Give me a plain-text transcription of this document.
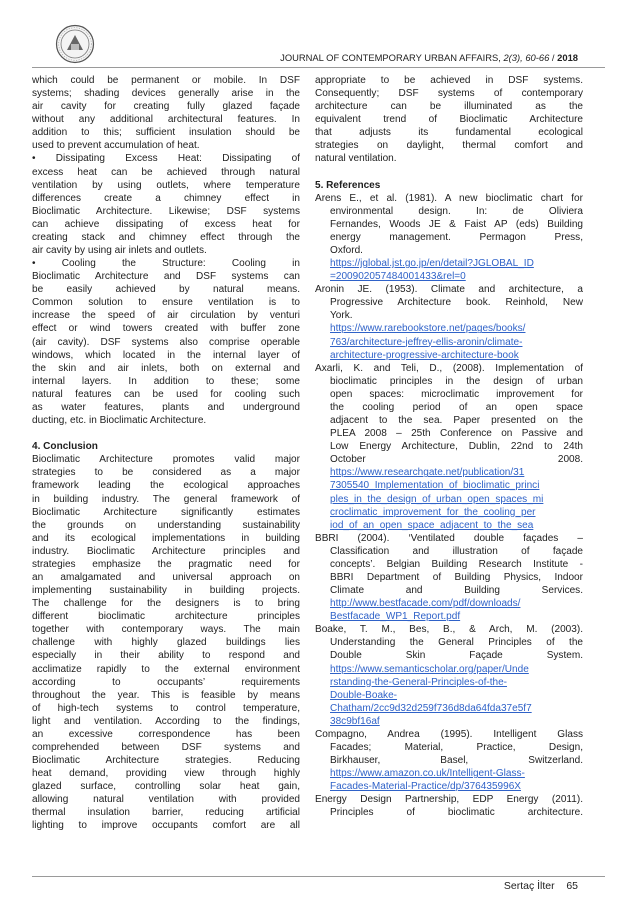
JOURNAL OF CONTEMPORARY URBAN AFFAIRS, 2(3), 60-66 / 2018
which could be permanent or mobile. In DSF
systems; shading devices generally arise in the
air cavity for creating fully glazed façade
without any additional architectural features. In
addition to this; sufficient insulation should be
used to prevent accumulation of heat.
• Dissipating Excess Heat: Dissipating of
excess heat can be achieved through natural
ventilation by using outlets, where temperature
differences create a chimney effect in
Bioclimatic Architecture. Likewise; DSF systems
can achieve dissipating of excess heat for
creating stack and chimney effect through the
air cavity by using air inlets and outlets.
• Cooling the Structure: Cooling in
Bioclimatic Architecture and DSF systems can
be easily achieved by natural means.
Common solution to ensure ventilation is to
increase the speed of air circulation by venturi
effect or wind towers created with buffer zone
(air cavity). DSF systems also comprise operable
windows, which located in the internal layer of
the skin and air inlets, both on external and
internal layers. In addition to these; some
natural features can be used for cooling such
as water features, plants and underground
ducting, etc. in Bioclimatic Architecture.
4. Conclusion
Bioclimatic Architecture promotes valid major
strategies to be considered as a major
framework leading the ecological approaches
in building industry. The general framework of
Bioclimatic Architecture significantly estimates
the grounds on understanding sustainability
and its ecological implementations in building
industry. Bioclimatic Architecture principles and
strategies emphasize the pragmatic need for
an amalgamated and universal approach on
implementing sustainability in building projects.
The challenge for the designers is to bring
different bioclimatic architecture principles
together with contemporary ways. The main
challenge with highly glazed buildings lies
especially in their ability to respond and
acclimatize rapidly to the external environment
according to occupants’ requirements
throughout the year. This is feasible by means
of high-tech systems to control temperature,
light and ventilation. According to the findings,
an excessive correspondence has been
comprehended between DSF systems and
Bioclimatic Architecture strategies. Reducing
heat demand, providing view through highly
glazed surface, controlling solar heat gain,
allowing natural ventilation with provided
thermal insulation barrier, reducing artificial
lighting to improve occupants comfort are all
appropriate to be achieved in DSF systems.
Consequently; DSF systems of contemporary
architecture can be illuminated as the
equivalent trend of Bioclimatic Architecture
that adjusts its fundamental ecological
strategies on daylight, thermal comfort and
natural ventilation.
5. References
Arens E., et al. (1981). A new bioclimatic chart for
environmental design. In: de Oliviera
Fernandes, Woods JE & Faist AP (eds) Building
energy management. Permagon Press,
Oxford.
https://jglobal.jst.go.jp/en/detail?JGLOBAL_ID
=200902057484001433&rel=0
Aronin JE. (1953). Climate and architecture, a
Progressive Architecture book. Reinhold, New
York.
https://www.rarebookstore.net/pages/books/
763/architecture-jeffrey-ellis-aronin/climate-
architecture-progressive-architecture-book
Axarli, K. and Teli, D., (2008). Implementation of
bioclimatic principles in the design of urban
open spaces: microclimatic improvement for
the cooling period of an open space
adjacent to the sea. Paper presented on the
PLEA 2008 – 25th Conference on Passive and
Low Energy Architecture, Dublin, 22nd to 24th
October 2008.
https://www.researchgate.net/publication/31
7305540_Implementation_of_bioclimatic_princi
ples_in_the_design_of_urban_open_spaces_mi
croclimatic_improvement_for_the_cooling_per
iod_of_an_open_space_adjacent_to_the_sea
BBRI (2004). ‘Ventilated double façades –
Classification and illustration of façade
concepts’. Belgian Building Research Institute -
BBRI Department of Building Physics, Indoor
Climate and Building Services.
http://www.bestfacade.com/pdf/downloads/
Bestfacade_WP1_Report.pdf
Boake, T. M., Bes, B., & Arch, M. (2003).
Understanding the General Principles of the
Double Skin Façade System.
https://www.semanticscholar.org/paper/Unde
rstanding-the-General-Principles-of-the-
Double-Boake-
Chatham/2cc9d32d259f736d8da64fda37e5f7
38c9bf16af
Compagno, Andrea (1995). Intelligent Glass
Facades; Material, Practice, Design,
Birkhauser, Basel, Switzerland.
https://www.amazon.co.uk/Intelligent-Glass-
Facades-Material-Practice/dp/376435996X
Energy Design Partnership, EDP Energy (2011).
Principles of bioclimatic architecture.
Sertaç İlter 65
